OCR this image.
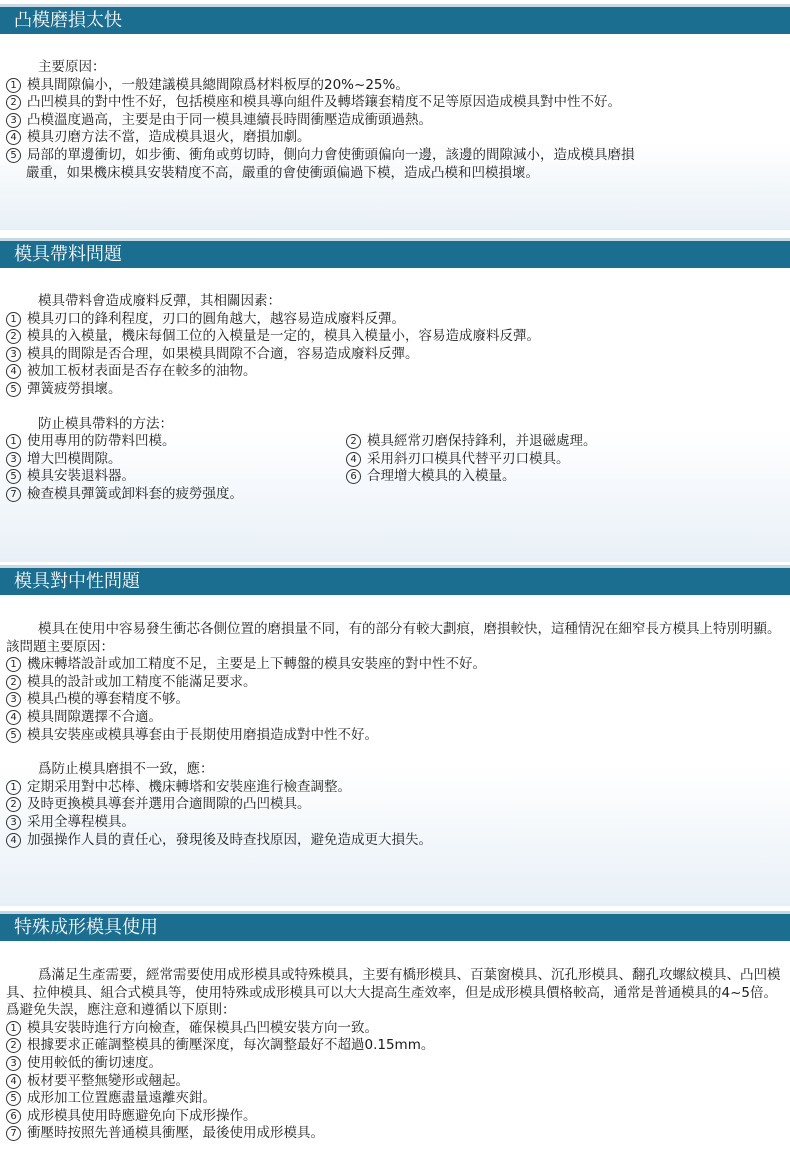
凸模磨損太快
主要原因：
1 模具間隙偏小，一般建議模具總間隙爲材料板厚的20%~25%。
2 凸凹模具的對中性不好，包括模座和模具導向組件及轉塔鑲套精度不足等原因造成模具對中性不好。
3 凸模溫度過高，主要是由于同一模具連續長時間衝壓造成衝頭過熱。
4 模具刃磨方法不當，造成模具退火，磨損加劇。
5 局部的單邊衝切，如步衝、衝角或剪切時，側向力會使衝頭偏向一邊，該邊的間隙減小，造成模具磨損
嚴重，如果機床模具安裝精度不高，嚴重的會使衝頭偏過下模，造成凸模和凹模損壞。
模具帶料問題
模具帶料會造成廢料反彈，其相關因素：
1 模具刃口的鋒利程度，刃口的圓角越大，越容易造成廢料反彈。
2 模具的入模量，機床每個工位的入模量是一定的，模具入模量小，容易造成廢料反彈。
3 模具的間隙是否合理，如果模具間隙不合適，容易造成廢料反彈。
4 被加工板材表面是否存在較多的油物。
5 彈簧疲勞損壞。
防止模具帶料的方法：
1 使用專用的防帶料凹模。	2 模具經常刃磨保持鋒利，并退磁處理。
3 增大凹模間隙。	4 采用斜刃口模具代替平刃口模具。
5 模具安裝退料器。	6 合理增大模具的入模量。
7 檢查模具彈簧或卸料套的疲勞强度。
模具對中性問題
模具在使用中容易發生衝芯各側位置的磨損量不同，有的部分有較大劃痕，磨損較快，這種情況在細窄長方模具上特別明顯。該問題主要原因：
1 機床轉塔設計或加工精度不足，主要是上下轉盤的模具安裝座的對中性不好。
2 模具的設計或加工精度不能滿足要求。
3 模具凸模的導套精度不够。
4 模具間隙選擇不合適。
5 模具安裝座或模具導套由于長期使用磨損造成對中性不好。
爲防止模具磨損不一致，應：
1 定期采用對中芯棒、機床轉塔和安裝座進行檢查調整。
2 及時更換模具導套并選用合適間隙的凸凹模具。
3 采用全導程模具。
4 加强操作人員的責任心，發現後及時查找原因，避免造成更大損失。
特殊成形模具使用
爲滿足生產需要，經常需要使用成形模具或特殊模具，主要有橋形模具、百葉窗模具、沉孔形模具、翻孔攻螺紋模具、凸凹模具、拉伸模具、組合式模具等，使用特殊或成形模具可以大大提高生產效率，但是成形模具價格較高，通常是普通模具的4~5倍。爲避免失誤，應注意和遵循以下原則：
1 模具安裝時進行方向檢查，確保模具凸凹模安裝方向一致。
2 根據要求正確調整模具的衝壓深度，每次調整最好不超過0.15mm。
3 使用較低的衝切速度。
4 板材要平整無變形或翹起。
5 成形加工位置應盡量遠離夾鉗。
6 成形模具使用時應避免向下成形操作。
7 衝壓時按照先普通模具衝壓，最後使用成形模具。
